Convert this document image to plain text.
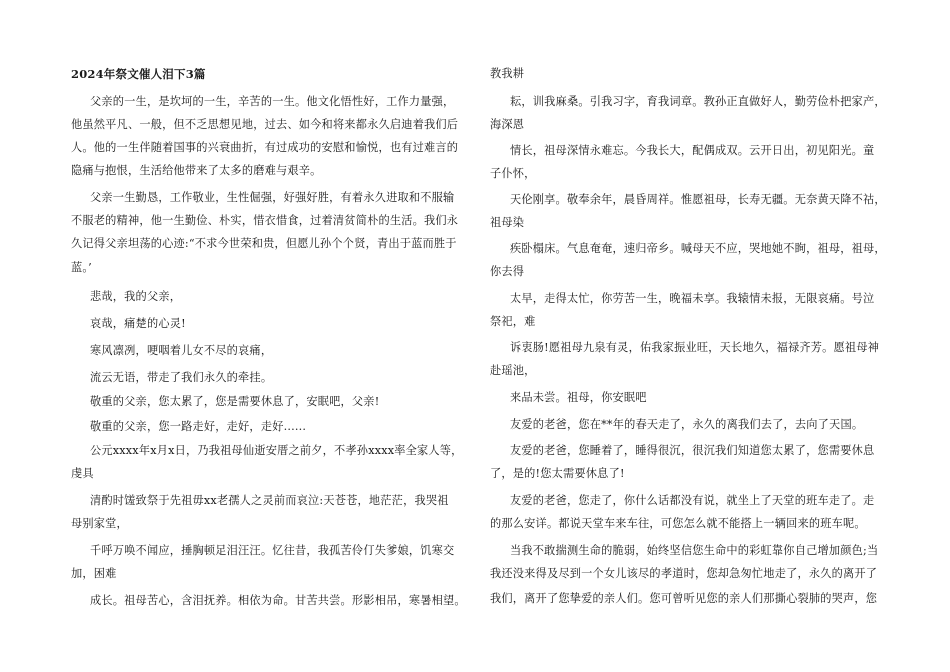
2024年祭文催人泪下3篇
父亲的一生，是坎坷的一生，辛苦的一生。他文化悟性好，工作力量强，
他虽然平凡、一般，但不乏思想见地，过去、如今和将来都永久启迪着我们后
人。他的一生伴随着国事的兴衰曲折，有过成功的安慰和愉悦，也有过难言的
隐痛与抱恨，生活给他带来了太多的磨难与艰辛。
父亲一生勤恳，工作敬业，生性倔强，好强好胜，有着永久进取和不服输
不服老的精神，他一生勤俭、朴实，惜衣惜食，过着清贫简朴的生活。我们永
久记得父亲坦荡的心迹:“不求今世荣和贵，但愿儿孙个个贤，青出于蓝而胜于
蓝。’
悲哉，我的父亲，
哀哉，痛楚的心灵!
寒风凛冽，哽咽着儿女不尽的哀痛，
流云无语，带走了我们永久的牵挂。
敬重的父亲，您太累了，您是需要休息了，安眠吧，父亲!
敬重的父亲，您一路走好，走好，走好......
公元xxxx年x月x日，乃我祖母仙逝安厝之前夕，不孝孙xxxx率全家人等，
虔具
清酌时馐致祭于先祖毋xx老孺人之灵前而哀泣:天苍苍，地茫茫，我哭祖
母别家堂，
千呼万唤不闻应，捶胸顿足泪汪汪。忆往昔，我孤苦伶仃失爹娘，饥寒交
加，困难
成长。祖母苦心，含泪抚养。相依为命。甘苦共尝。形影相吊，寒暑相望。
教我耕
耘，训我麻桑。引我习字，育我词章。教孙正直做好人，勤劳俭朴把家产，
海深恩
情长，祖母深情永难忘。今我长大，配偶成双。云开日出，初见阳光。童
子仆怀，
天伦刚享。敬奉余年，晨昏周祥。惟愿祖母，长寿无疆。无奈黄天降不祜，
祖母染
疾卧榻床。气息奄奄，速归帝乡。喊母天不应，哭地她不眴，祖母，祖母，
你去得
太早，走得太忙，你劳苦一生，晚福未享。我辕情未报，无限哀痛。号泣
祭祀，难
诉衷肠!愿祖母九泉有灵，佑我家振业旺，天长地久，福禄齐芳。愿祖母神
赴瑶池，
来品未尝。祖母，你安眠吧
友爱的老爸，您在**年的春天走了，永久的离我们去了，去向了天国。
友爱的老爸，您睡着了，睡得很沉，很沉我们知道您太累了，您需要休息
了，是的!您太需要休息了!
友爱的老爸，您走了，你什么话都没有说，就坐上了天堂的班车走了。走
的那么安详。都说天堂车来车往，可您怎么就不能搭上一辆回来的班车呢。
当我不敢揣测生命的脆弱，始终坚信您生命中的彩虹靠你自己增加颜色;当
我还没来得及尽到一个女儿该尽的孝道时，您却急匆忙地走了，永久的离开了
我们，离开了您挚爱的亲人们。您可曾听见您的亲人们那撕心裂肺的哭声，您
